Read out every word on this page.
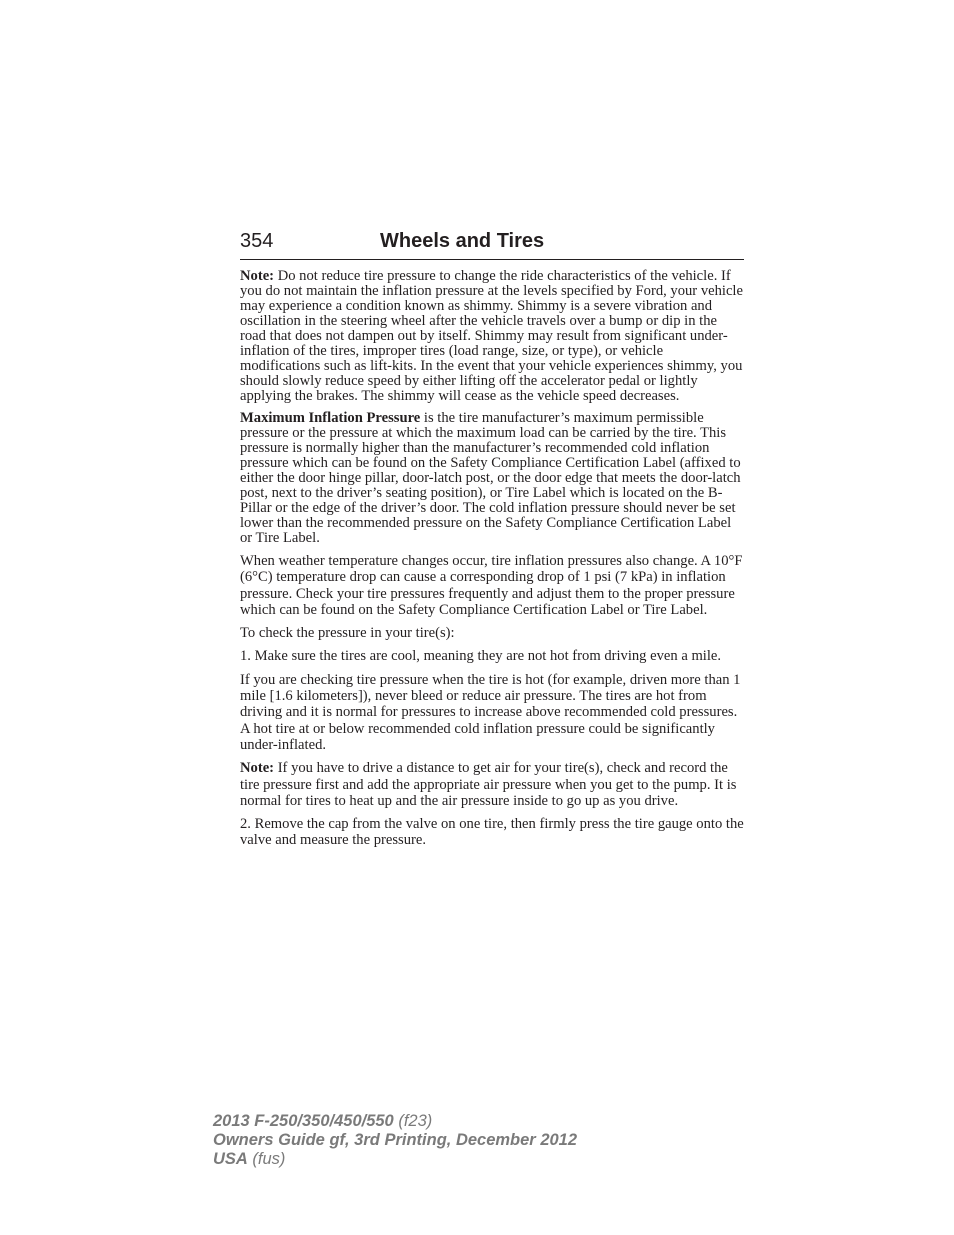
354	Wheels and Tires

Note: Do not reduce tire pressure to change the ride characteristics of the vehicle. If you do not maintain the inflation pressure at the levels specified by Ford, your vehicle may experience a condition known as shimmy. Shimmy is a severe vibration and oscillation in the steering wheel after the vehicle travels over a bump or dip in the road that does not dampen out by itself. Shimmy may result from significant under-inflation of the tires, improper tires (load range, size, or type), or vehicle modifications such as lift-kits. In the event that your vehicle experiences shimmy, you should slowly reduce speed by either lifting off the accelerator pedal or lightly applying the brakes. The shimmy will cease as the vehicle speed decreases.

Maximum Inflation Pressure is the tire manufacturer’s maximum permissible pressure or the pressure at which the maximum load can be carried by the tire. This pressure is normally higher than the manufacturer’s recommended cold inflation pressure which can be found on the Safety Compliance Certification Label (affixed to either the door hinge pillar, door-latch post, or the door edge that meets the door-latch post, next to the driver’s seating position), or Tire Label which is located on the B-Pillar or the edge of the driver’s door. The cold inflation pressure should never be set lower than the recommended pressure on the Safety Compliance Certification Label or Tire Label.

When weather temperature changes occur, tire inflation pressures also change. A 10°F (6°C) temperature drop can cause a corresponding drop of 1 psi (7 kPa) in inflation pressure. Check your tire pressures frequently and adjust them to the proper pressure which can be found on the Safety Compliance Certification Label or Tire Label.

To check the pressure in your tire(s):

1. Make sure the tires are cool, meaning they are not hot from driving even a mile.

If you are checking tire pressure when the tire is hot (for example, driven more than 1 mile [1.6 kilometers]), never bleed or reduce air pressure. The tires are hot from driving and it is normal for pressures to increase above recommended cold pressures. A hot tire at or below recommended cold inflation pressure could be significantly under-inflated.

Note: If you have to drive a distance to get air for your tire(s), check and record the tire pressure first and add the appropriate air pressure when you get to the pump. It is normal for tires to heat up and the air pressure inside to go up as you drive.

2. Remove the cap from the valve on one tire, then firmly press the tire gauge onto the valve and measure the pressure.

2013 F-250/350/450/550 (f23)
Owners Guide gf, 3rd Printing, December 2012
USA (fus)
